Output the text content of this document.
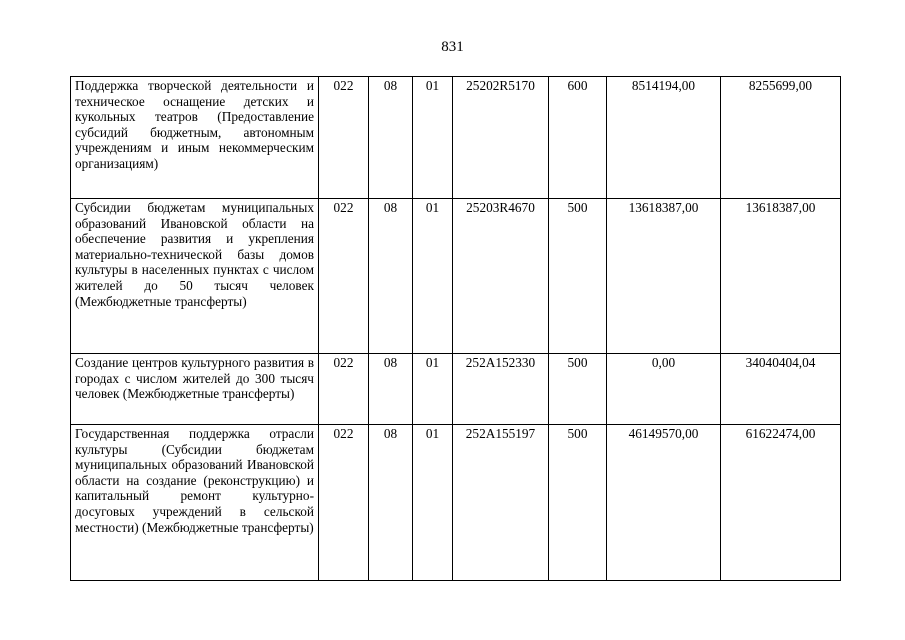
831
Поддержка творческой деятельности и техническое оснащение детских и кукольных театров (Предоставление субсидий бюджетным, автономным учреждениям и иным некоммерческим организациям)	022	08	01	25202R5170	600	8514194,00	8255699,00
Субсидии бюджетам муниципальных образований Ивановской области на обеспечение развития и укрепления материально-технической базы домов культуры в населенных пунктах с числом жителей до 50 тысяч человек (Межбюджетные трансферты)	022	08	01	25203R4670	500	13618387,00	13618387,00
Создание центров культурного развития в городах с числом жителей до 300 тысяч человек (Межбюджетные трансферты)	022	08	01	252A152330	500	0,00	34040404,04
Государственная поддержка отрасли культуры (Субсидии бюджетам муниципальных образований Ивановской области на создание (реконструкцию) и капитальный ремонт культурно-досуговых учреждений в сельской местности) (Межбюджетные трансферты)	022	08	01	252A155197	500	46149570,00	61622474,00
